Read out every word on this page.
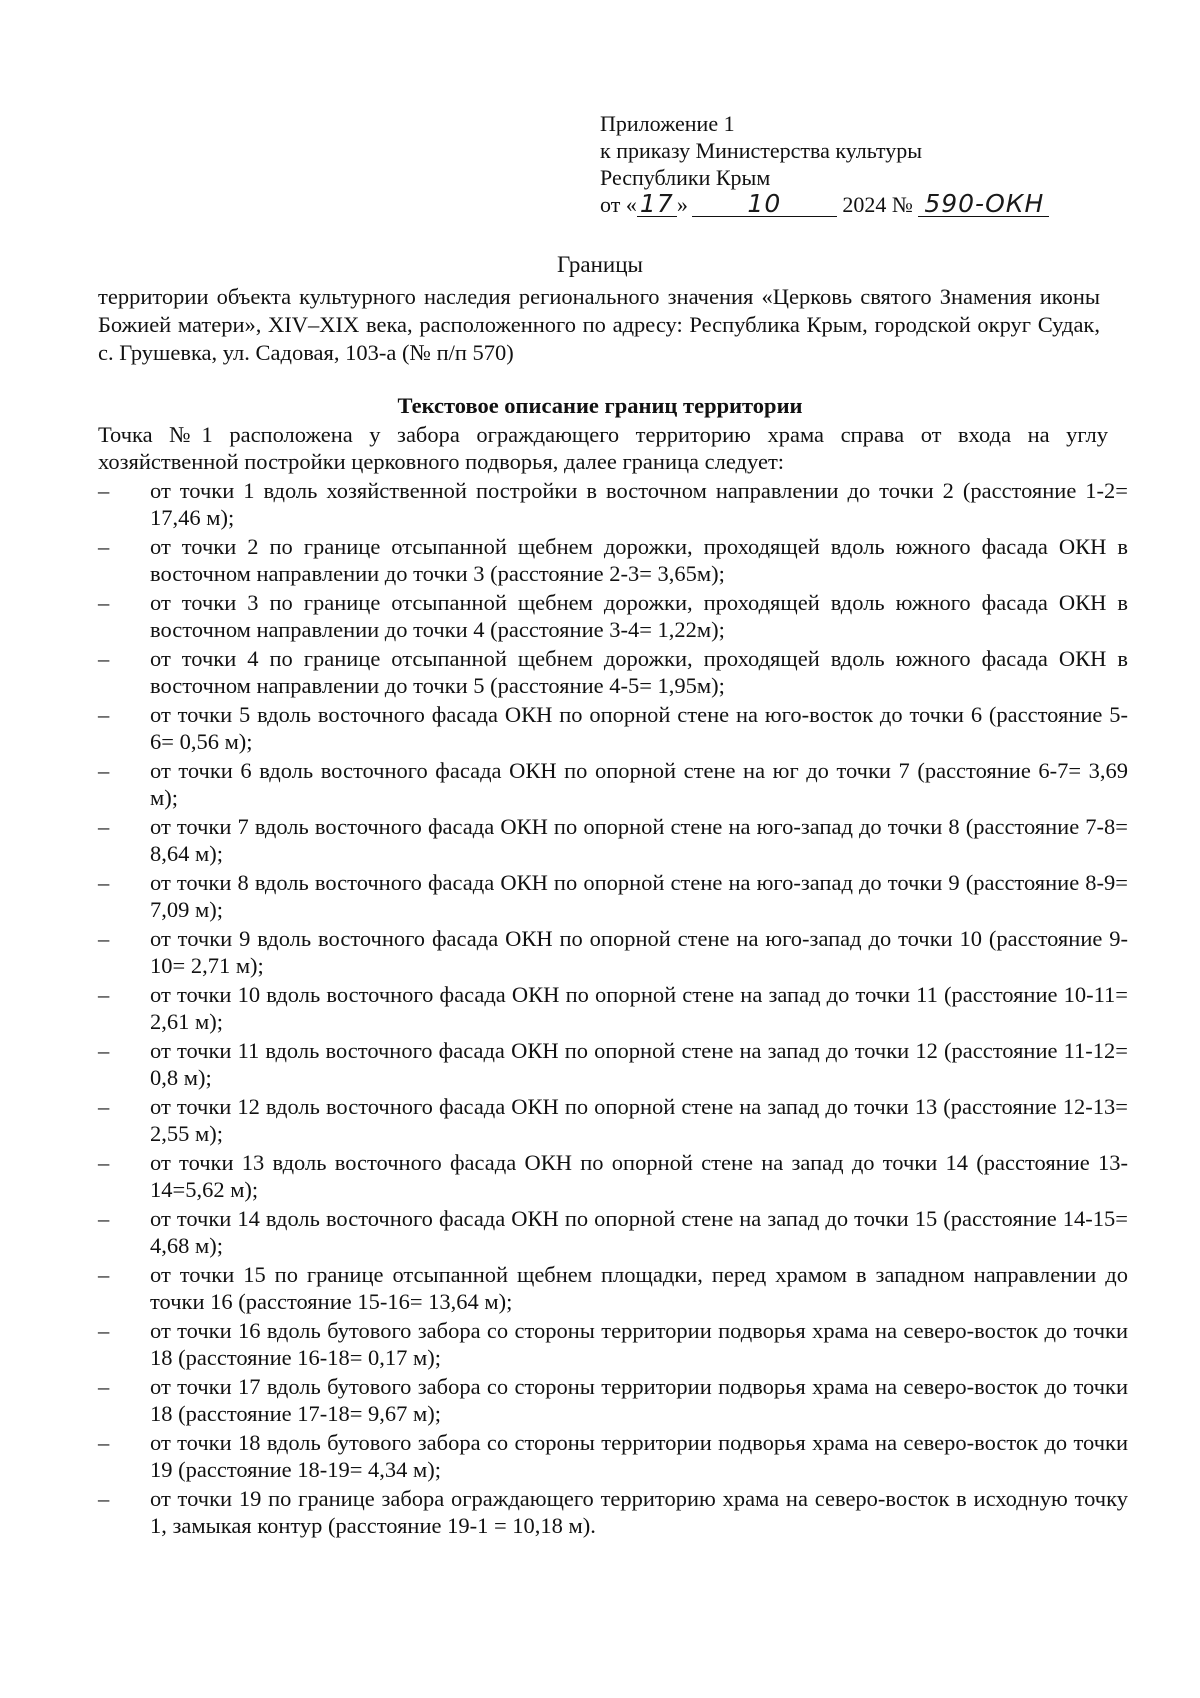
Приложение 1
к приказу Министерства культуры
Республики Крым
от « 17 » 10	2024 № 590-ОКН
Границы
территории объекта культурного наследия регионального значения «Церковь святого Знамения иконы Божией матери», XIV–XIX века, расположенного по адресу: Республика Крым, городской округ Судак, с. Грушевка, ул. Садовая, 103-а (№ п/п 570)
Текстовое описание границ территории
Точка №1 расположена у забора ограждающего территорию храма справа от входа на углу хозяйственной постройки церковного подворья, далее граница следует:
– от точки 1 вдоль хозяйственной постройки в восточном направлении до точки 2 (расстояние 1-2= 17,46 м);
– от точки 2 по границе отсыпанной щебнем дорожки, проходящей вдоль южного фасада ОКН в восточном направлении до точки 3 (расстояние 2-3= 3,65м);
– от точки 3 по границе отсыпанной щебнем дорожки, проходящей вдоль южного фасада ОКН в восточном направлении до точки 4 (расстояние 3-4= 1,22м);
– от точки 4 по границе отсыпанной щебнем дорожки, проходящей вдоль южного фасада ОКН в восточном направлении до точки 5 (расстояние 4-5= 1,95м);
– от точки 5 вдоль восточного фасада ОКН по опорной стене на юго-восток до точки 6 (расстояние 5-6= 0,56 м);
– от точки 6 вдоль восточного фасада ОКН по опорной стене на юг до точки 7 (расстояние 6-7= 3,69 м);
– от точки 7 вдоль восточного фасада ОКН по опорной стене на юго-запад до точки 8 (расстояние 7-8= 8,64 м);
– от точки 8 вдоль восточного фасада ОКН по опорной стене на юго-запад до точки 9 (расстояние 8-9= 7,09 м);
– от точки 9 вдоль восточного фасада ОКН по опорной стене на юго-запад до точки 10 (расстояние 9-10= 2,71 м);
– от точки 10 вдоль восточного фасада ОКН по опорной стене на запад до точки 11 (расстояние 10-11= 2,61 м);
– от точки 11 вдоль восточного фасада ОКН по опорной стене на запад до точки 12 (расстояние 11-12= 0,8 м);
– от точки 12 вдоль восточного фасада ОКН по опорной стене на запад до точки 13 (расстояние 12-13= 2,55 м);
– от точки 13 вдоль восточного фасада ОКН по опорной стене на запад до точки 14 (расстояние 13-14=5,62 м);
– от точки 14 вдоль восточного фасада ОКН по опорной стене на запад до точки 15 (расстояние 14-15= 4,68 м);
– от точки 15 по границе отсыпанной щебнем площадки, перед храмом в западном направлении до точки 16 (расстояние 15-16= 13,64 м);
– от точки 16 вдоль бутового забора со стороны территории подворья храма на северо-восток до точки 18 (расстояние 16-18= 0,17 м);
– от точки 17 вдоль бутового забора со стороны территории подворья храма на северо-восток до точки 18 (расстояние 17-18= 9,67 м);
– от точки 18 вдоль бутового забора со стороны территории подворья храма на северо-восток до точки 19 (расстояние 18-19= 4,34 м);
– от точки 19 по границе забора ограждающего территорию храма на северо-восток в исходную точку 1, замыкая контур (расстояние 19-1 = 10,18 м).
